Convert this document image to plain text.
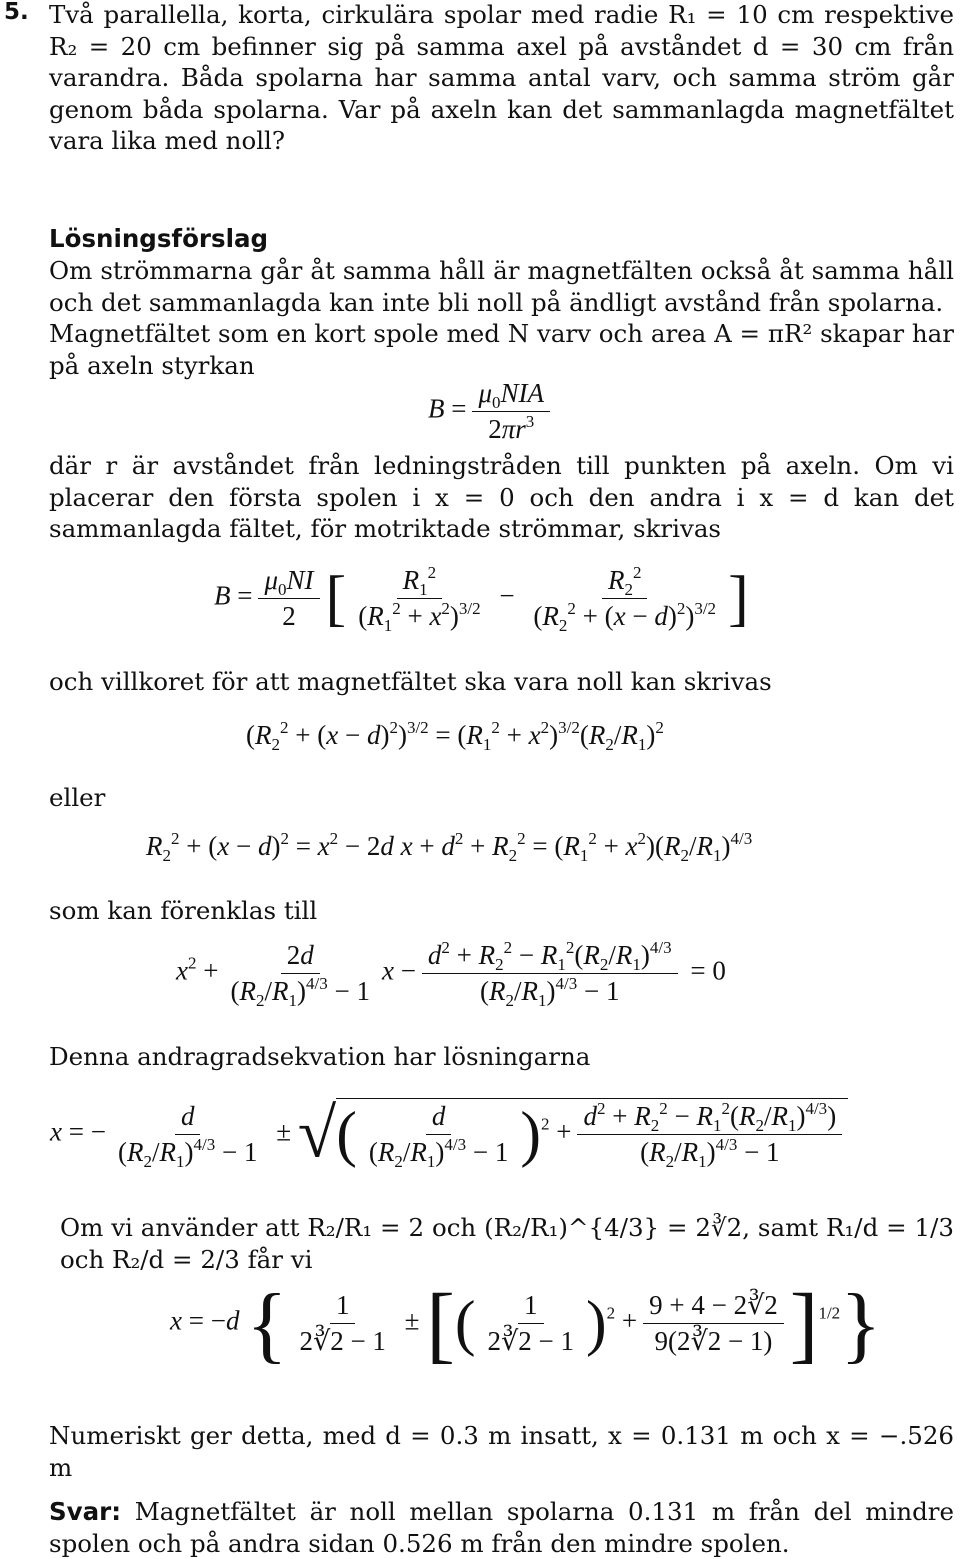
5. Två parallella, korta, cirkulära spolar med radie R₁ = 10 cm respektive R₂ = 20 cm befinner sig på samma axel på avståndet d = 30 cm från varandra. Båda spolarna har samma antal varv, och samma ström går genom båda spolarna. Var på axeln kan det sammanlagda magnetfältet vara lika med noll?
Lösningsförslag
Om strömmarna går åt samma håll är magnetfälten också åt samma håll och det sammanlagda kan inte bli noll på ändligt avstånd från spolarna.
Magnetfältet som en kort spole med N varv och area A = πR² skapar har på axeln styrkan
$B = \frac{\mu_0NIA}{2\pi r^3}$
där r är avståndet från ledningstråden till punkten på axeln. Om vi placerar den första spolen i x = 0 och den andra i x = d kan det sammanlagda fältet, för motriktade strömmar, skrivas
$B = \frac{\mu_0NI}{2}$ [ $\frac{R_1^2}{(R_1^2 + x^2)^{3/2}} - \frac{R_2^2}{(R_2^2 + (x - d)^2)^{3/2}}$ ]
och villkoret för att magnetfältet ska vara noll kan skrivas
$(R_2^2 + (x - d)^2)^{3/2} = (R_1^2 + x^2)^{3/2}(R_2/R_1)^2$
eller
$R_2^2 + (x - d)^2 = x^2 - 2d$ $x + d^2 + R_2^2 = (R_1^2 + x^2)(R_2/R_1)^{4/3}$
som kan förenklas till
$x^2 + \frac{2d}{(R_2/R_1)^{4/3} - 1}$ $x - \frac{d^2 + R_2^2 - R_1^2(R_2/R_1)^{4/3}}{(R_2/R_1)^{4/3} - 1} = 0$
Denna andragradsekvation har lösningarna
x = − $\frac{d}{(R_2/R_1)^{4/3} - 1}$ ± √( $\frac{d}{(R_2/R_1)^{4/3} - 1} )^2 + \frac{d^2 + R_2^2 - R_1^2(R_2/R_1)^{4/3})}{(R_2/R_1)^{4/3} - 1}$
Om vi använder att R₂/R₁ = 2 och (R₂/R₁)^{4/3} = 2∛2, samt R₁/d = 1/3 och R₂/d = 2/3 får vi
x = −d { $\frac{1}{2∛2 - 1}$ ± [( $\frac{1}{2∛2 - 1} )^2 + \frac{9 + 4 - 2∛2}{9(2∛2 - 1)} ]^{1/2}$}
Numeriskt ger detta, med d = 0.3 m insatt, x = 0.131 m och x = −.526 m
Svar: Magnetfältet är noll mellan spolarna 0.131 m från del mindre spolen och på andra sidan 0.526 m från den mindre spolen.
